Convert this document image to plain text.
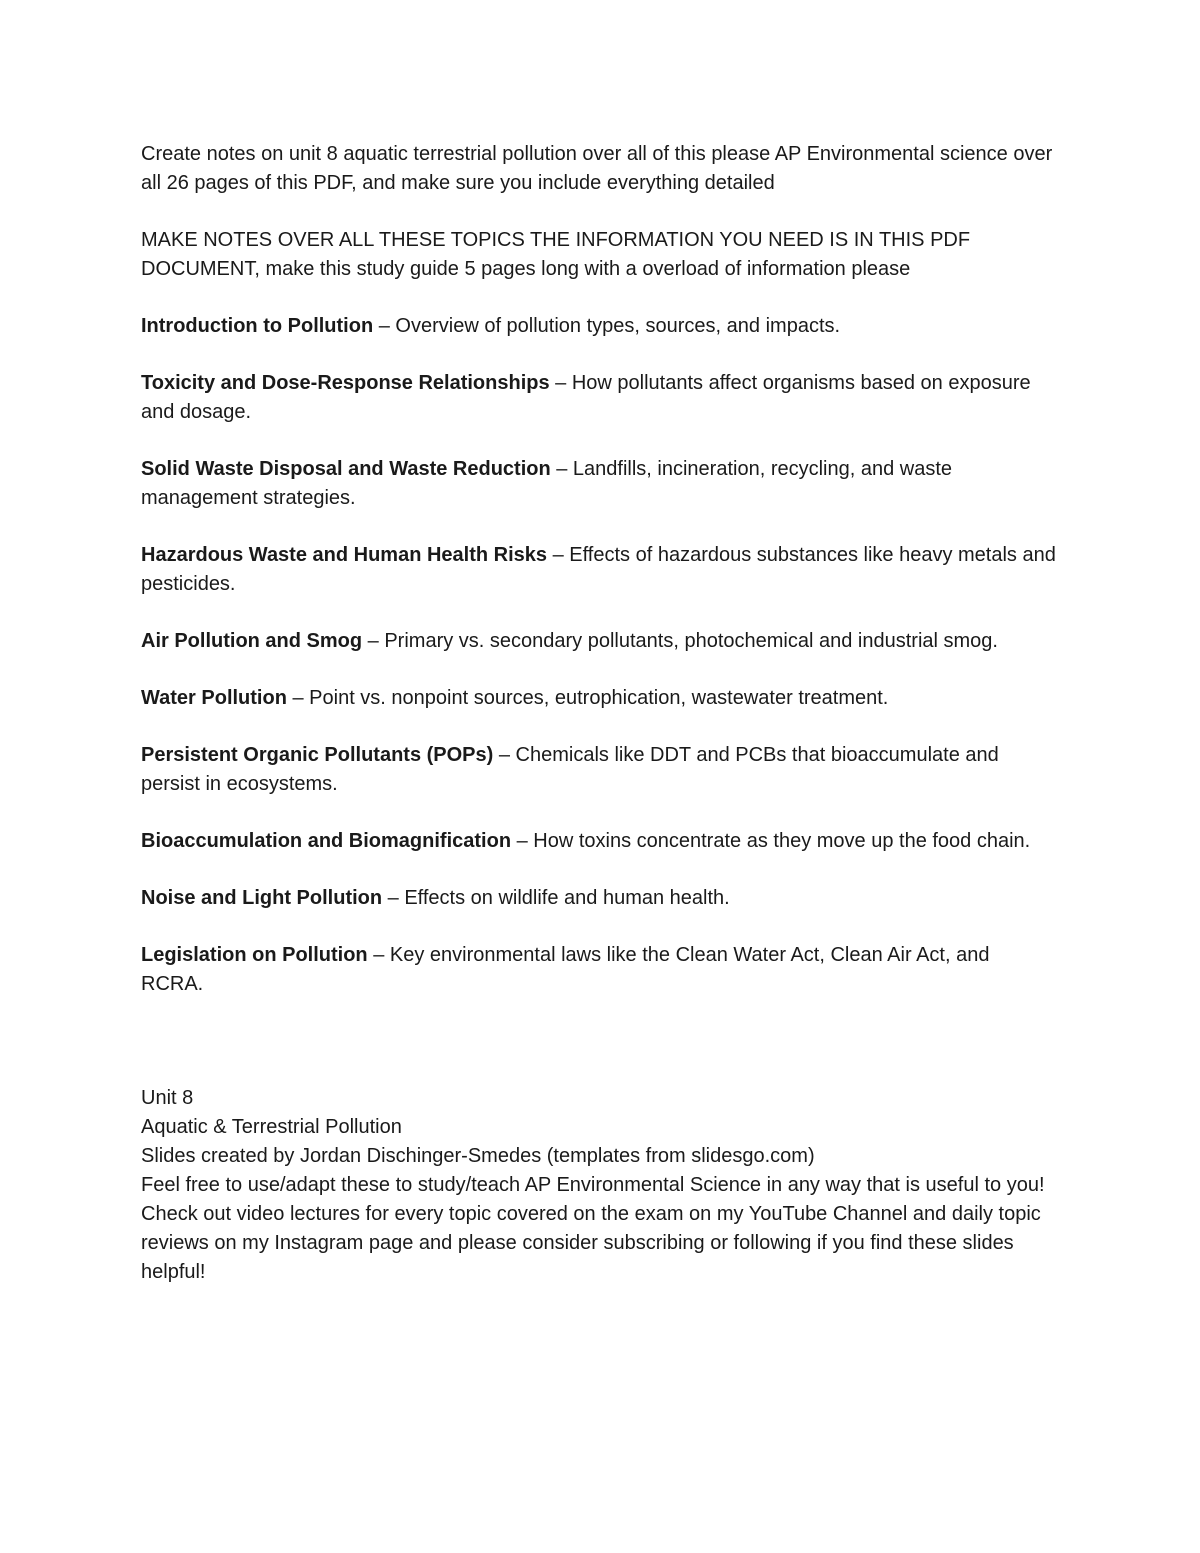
Create notes on unit 8 aquatic terrestrial pollution over all of this please AP Environmental science over all 26 pages of this PDF, and make sure you include everything detailed

MAKE NOTES OVER ALL THESE TOPICS THE INFORMATION YOU NEED IS IN THIS PDF DOCUMENT, make this study guide 5 pages long with a overload of information please

Introduction to Pollution – Overview of pollution types, sources, and impacts.

Toxicity and Dose-Response Relationships – How pollutants affect organisms based on exposure and dosage.

Solid Waste Disposal and Waste Reduction – Landfills, incineration, recycling, and waste management strategies.

Hazardous Waste and Human Health Risks – Effects of hazardous substances like heavy metals and pesticides.

Air Pollution and Smog – Primary vs. secondary pollutants, photochemical and industrial smog.

Water Pollution – Point vs. nonpoint sources, eutrophication, wastewater treatment.

Persistent Organic Pollutants (POPs) – Chemicals like DDT and PCBs that bioaccumulate and persist in ecosystems.

Bioaccumulation and Biomagnification – How toxins concentrate as they move up the food chain.

Noise and Light Pollution – Effects on wildlife and human health.

Legislation on Pollution – Key environmental laws like the Clean Water Act, Clean Air Act, and RCRA.

Unit 8

Aquatic & Terrestrial Pollution

Slides created by Jordan Dischinger-Smedes (templates from slidesgo.com)

Feel free to use/adapt these to study/teach AP Environmental Science in any way that is useful to you!

Check out video lectures for every topic covered on the exam on my YouTube Channel and daily topic

reviews on my Instagram page and please consider subscribing or following if you find these slides helpful!
